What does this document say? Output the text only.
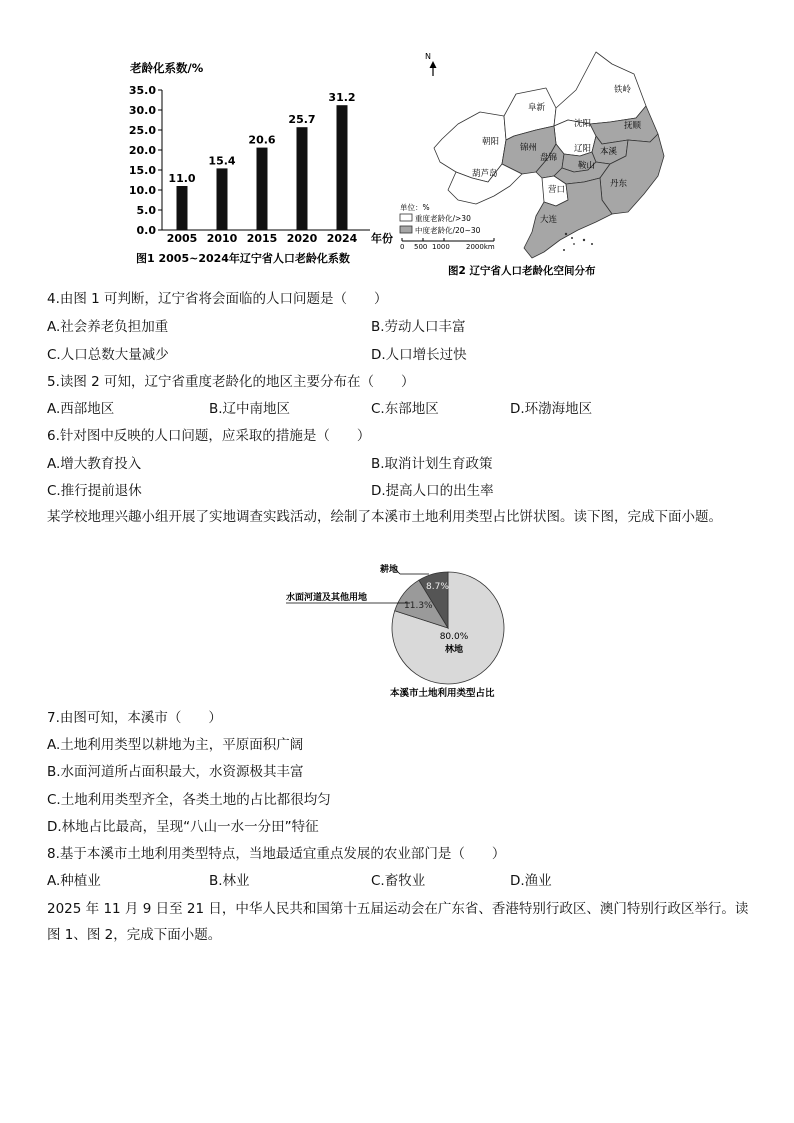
老龄化系数/%
35.0
30.0
25.0
20.0
15.0
10.0
5.0
0.0
11.0
2005
15.4
2010
20.6
2015
25.7
2020
31.2
2024 年份
图1 2005~2024年辽宁省人口老龄化系数
N
铁岭
阜新
沈阳	抚顺
朝阳
锦州
盘锦
辽阳 本溪
葫芦岛
鞍山
营口
丹东
大连
单位：%
重度老龄化/>30
中度老龄化/20~30
0 500 1000 2000km
图2 辽宁省人口老龄化空间分布
4.由图 1 可判断，辽宁省将会面临的人口问题是（　　）
A.社会养老负担加重	B.劳动人口丰富
C.人口总数大量减少	D.人口增长过快
5.读图 2 可知，辽宁省重度老龄化的地区主要分布在（　　）
A.西部地区	B.辽中南地区	C.东部地区	D.环渤海地区
6.针对图中反映的人口问题，应采取的措施是（　　）
A.增大教育投入	B.取消计划生育政策
C.推行提前退休	D.提高人口的出生率
某学校地理兴趣小组开展了实地调查实践活动，绘制了本溪市土地利用类型占比饼状图。读下图，完成下面小题。
耕地
水面河道及其他用地
11.3%
8.7%
80.0%
林地
本溪市土地利用类型占比
7.由图可知，本溪市（　　）
A.土地利用类型以耕地为主，平原面积广阔
B.水面河道所占面积最大，水资源极其丰富
C.土地利用类型齐全，各类土地的占比都很均匀
D.林地占比最高，呈现“八山一水一分田”特征
8.基于本溪市土地利用类型特点，当地最适宜重点发展的农业部门是（　　）
A.种植业	B.林业	C.畜牧业	D.渔业
2025 年 11 月 9 日至 21 日，中华人民共和国第十五届运动会在广东省、香港特别行政区、澳门特别行政区举行。读图 1、图 2，完成下面小题。
